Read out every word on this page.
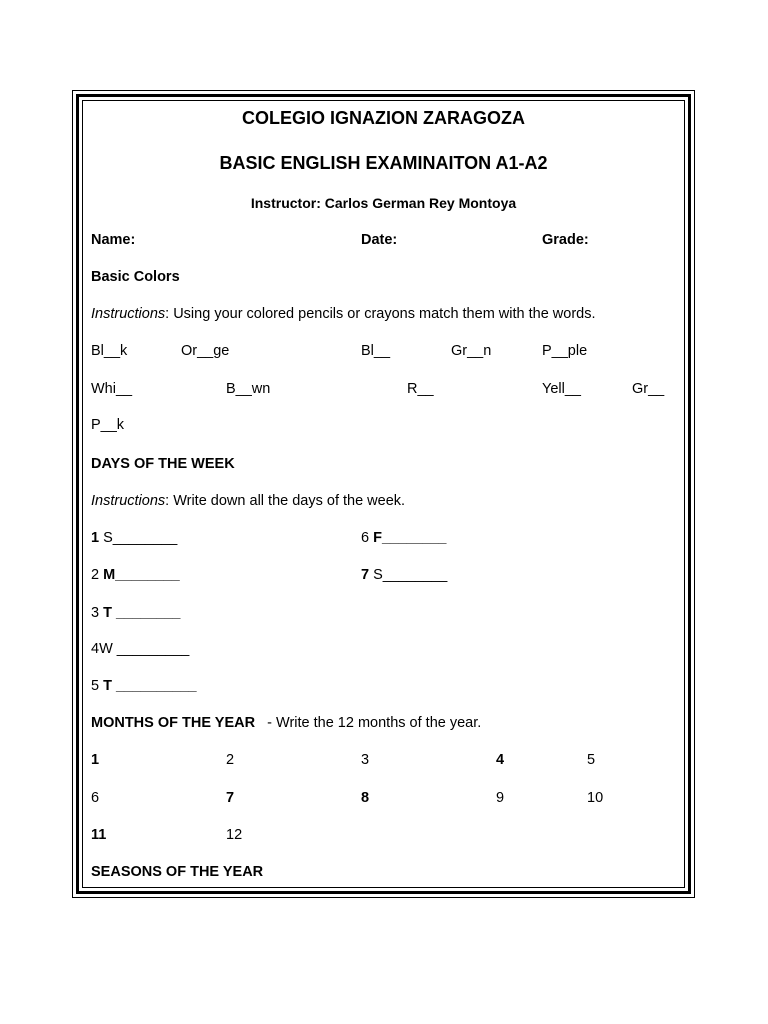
COLEGIO IGNAZION ZARAGOZA
BASIC ENGLISH EXAMINAITON A1-A2
Instructor: Carlos German Rey Montoya
Name:	Date:	Grade:
Basic Colors
Instructions: Using your colored pencils or crayons match them with the words.
Bl__k	Or__ge	Bl__	Gr__n	P__ple
Whi__	B__wn	R__	Yell__	Gr__
P__k
DAYS OF THE WEEK
Instructions: Write down all the days of the week.
1 S________	6 F________
2 M________	7 S________
3 T ________
4W _________
5 T __________
MONTHS OF THE YEAR - Write the 12 months of the year.
1	2	3	4	5
6	7	8	9	10
11	12
SEASONS OF THE YEAR
